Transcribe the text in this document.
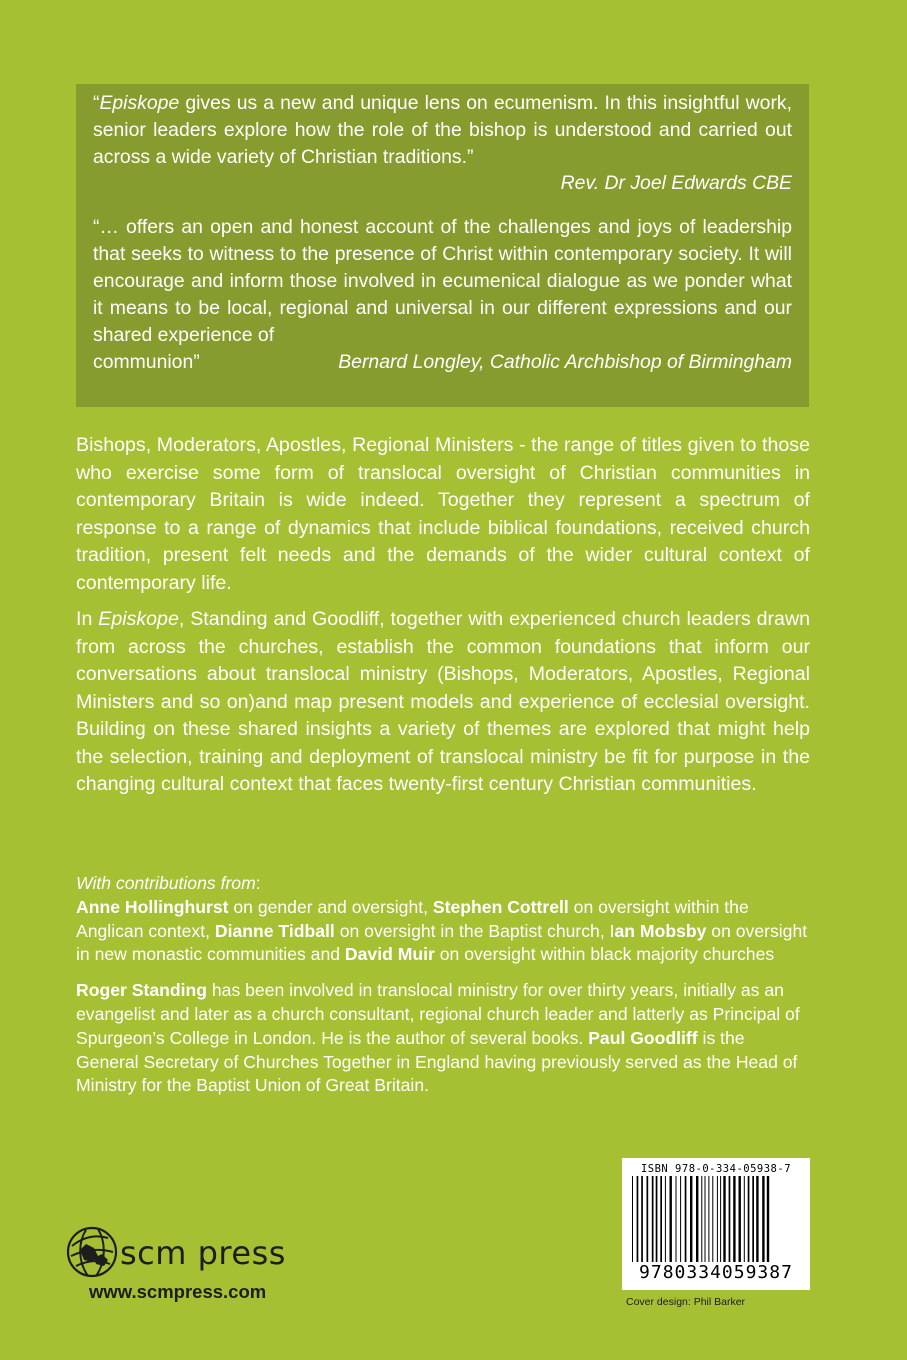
“Episkope gives us a new and unique lens on ecumenism. In this insightful work, senior leaders explore how the role of the bishop is understood and carried out across a wide variety of Christian traditions.”

Rev. Dr Joel Edwards CBE

“… offers an open and honest account of the challenges and joys of leadership that seeks to witness to the presence of Christ within contemporary society. It will encourage and inform those involved in ecumenical dialogue as we ponder what it means to be local, regional and universal in our different expressions and our shared experience of

communion”	Bernard Longley, Catholic Archbishop of Birmingham

Bishops, Moderators, Apostles, Regional Ministers - the range of titles given to those who exercise some form of translocal oversight of Christian communities in contemporary Britain is wide indeed. Together they represent a spectrum of response to a range of dynamics that include biblical foundations, received church tradition, present felt needs and the demands of the wider cultural context of contemporary life.

In Episkope, Standing and Goodliff, together with experienced church leaders drawn from across the churches, establish the common foundations that inform our conversations about translocal ministry (Bishops, Moderators, Apostles, Regional Ministers and so on)and map present models and experience of ecclesial oversight. Building on these shared insights a variety of themes are explored that might help the selection, training and deployment of translocal ministry be fit for purpose in the changing cultural context that faces twenty-first century Christian communities.

With contributions from:

Anne Hollinghurst on gender and oversight, Stephen Cottrell on oversight within the Anglican context, Dianne Tidball on oversight in the Baptist church, Ian Mobsby on oversight in new monastic communities and David Muir on oversight within black majority churches

Roger Standing has been involved in translocal ministry for over thirty years, initially as an evangelist and later as a church consultant, regional church leader and latterly as Principal of Spurgeon’s College in London. He is the author of several books. Paul Goodliff is the General Secretary of Churches Together in England having previously served as the Head of Ministry for the Baptist Union of Great Britain.

scm press
www.scmpress.com
ISBN 978-0-334-05938-7
9780334059387
Cover design: Phil Barker
